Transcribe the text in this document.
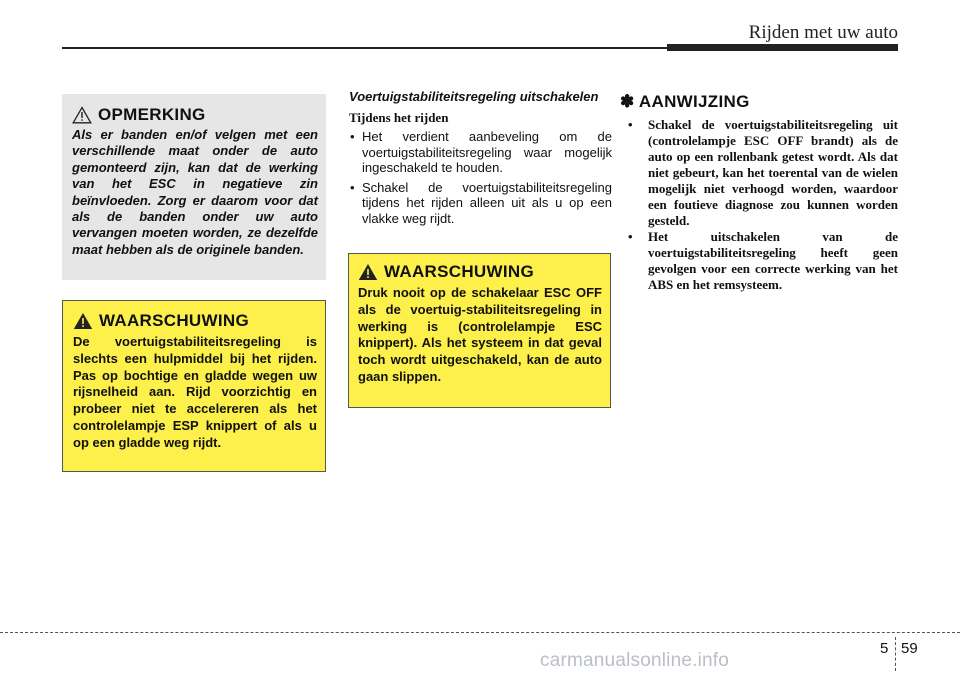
Rijden met uw auto
OPMERKING
Als er banden en/of velgen met een verschillende maat onder de auto gemonteerd zijn, kan dat de werking van het ESC in negatieve zin beïnvloeden. Zorg er daarom voor dat als de banden onder uw auto vervangen moeten worden, ze dezelfde maat hebben als de originele banden.
WAARSCHUWING
De voertuigstabiliteitsregeling is slechts een hulpmiddel bij het rijden. Pas op bochtige en gladde wegen uw rijsnelheid aan. Rijd voorzichtig en probeer niet te accelereren als het controlelampje ESP knippert of als u op een gladde weg rijdt.
Voertuigstabiliteitsregeling uitschakelen
Tijdens het rijden
• Het verdient aanbeveling om de voertuigstabiliteitsregeling waar mogelijk ingeschakeld te houden.
• Schakel de voertuigstabiliteitsregeling tijdens het rijden alleen uit als u op een vlakke weg rijdt.
WAARSCHUWING
Druk nooit op de schakelaar ESC OFF als de voertuig-stabiliteitsregeling in werking is (controlelampje ESC knippert). Als het systeem in dat geval toch wordt uitgeschakeld, kan de auto gaan slippen.
✽ AANWIJZING
• Schakel de voertuigstabiliteitsregeling uit (controlelampje ESC OFF brandt) als de auto op een rollenbank getest wordt. Als dat niet gebeurt, kan het toerental van de wielen mogelijk niet verhoogd worden, waardoor een foutieve diagnose zou kunnen worden gesteld.
• Het uitschakelen van de voertuigstabiliteitsregeling heeft geen gevolgen voor een correcte werking van het ABS en het remsysteem.
5 59
carmanualsonline.info
